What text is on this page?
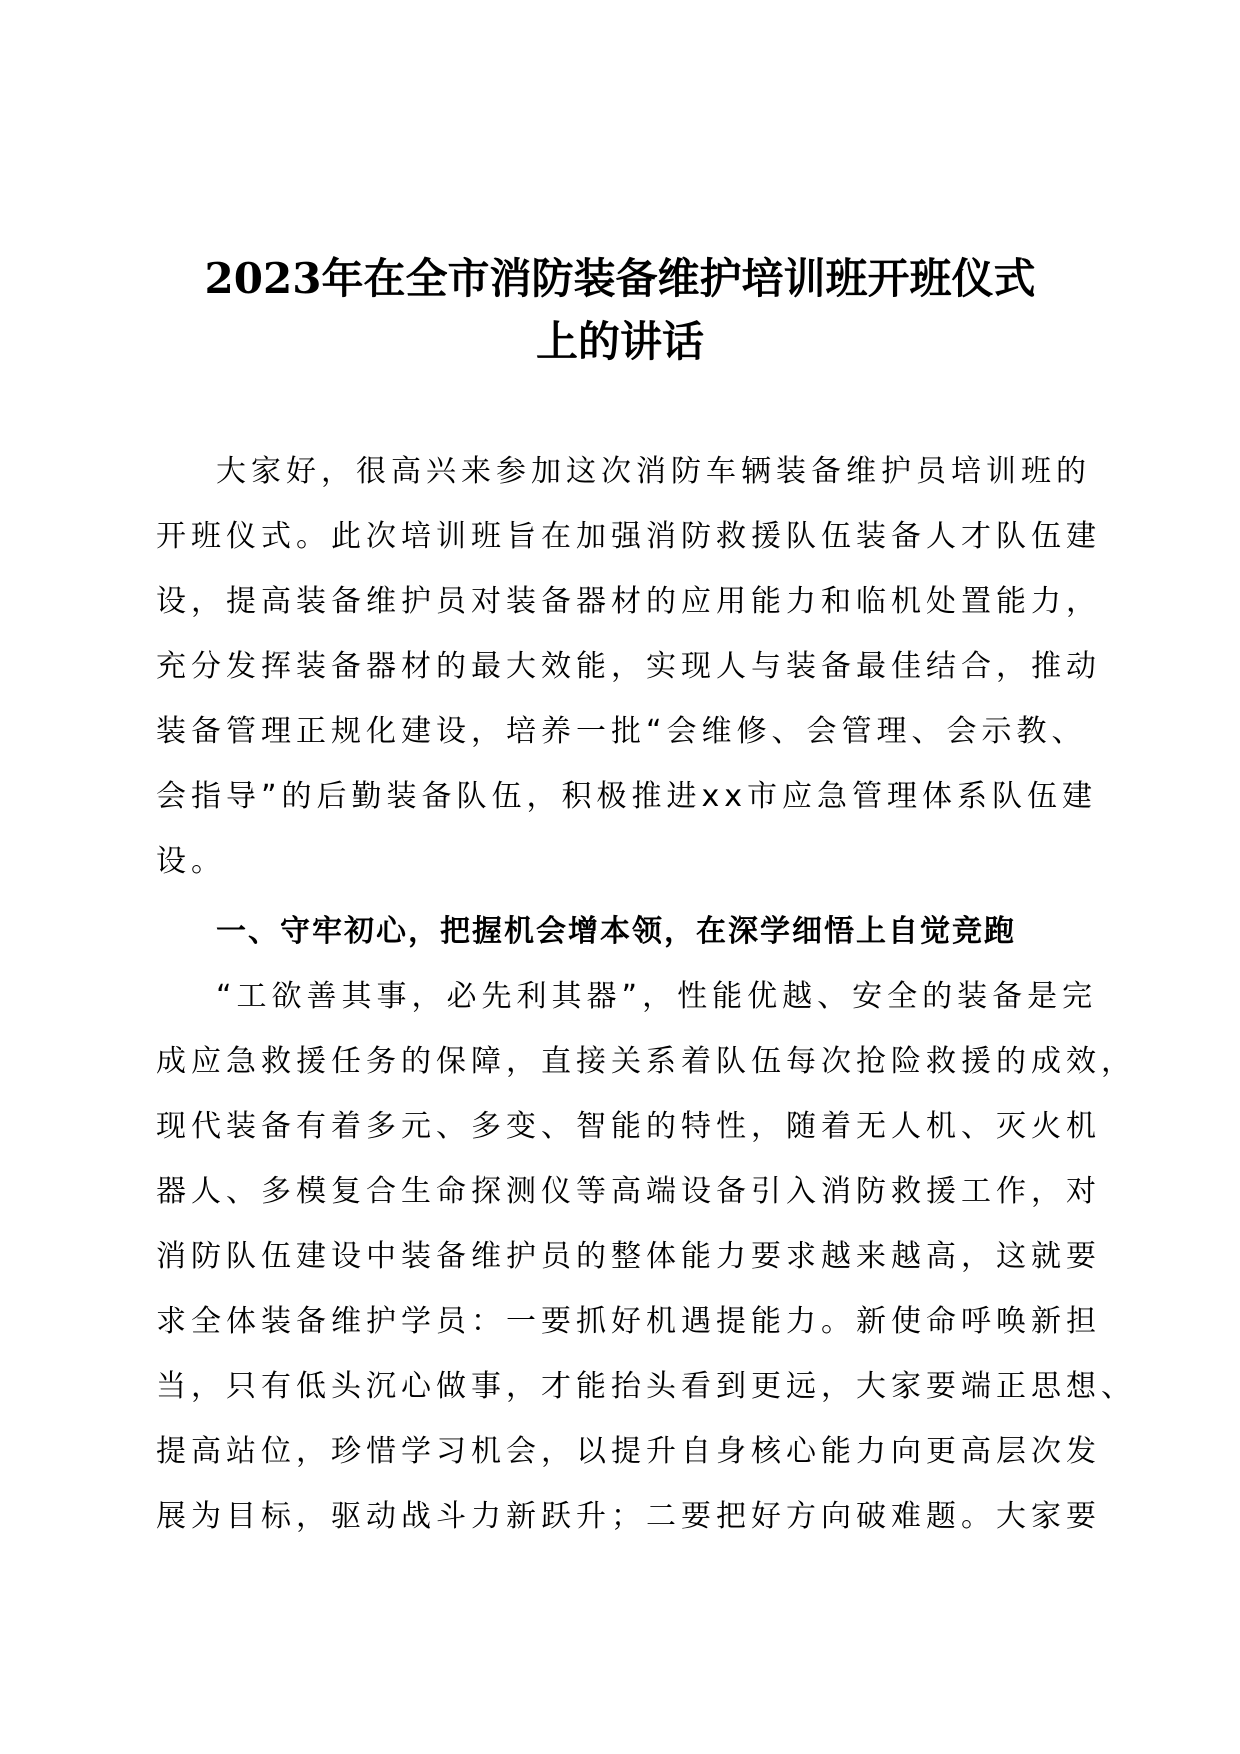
2023年在全市消防装备维护培训班开班仪式
上的讲话
大家好，很高兴来参加这次消防车辆装备维护员培训班的
开班仪式。此次培训班旨在加强消防救援队伍装备人才队伍建
设，提高装备维护员对装备器材的应用能力和临机处置能力，
充分发挥装备器材的最大效能，实现人与装备最佳结合，推动
装备管理正规化建设，培养一批“会维修、会管理、会示教、
会指导”的后勤装备队伍，积极推进xx市应急管理体系队伍建
设。
一、守牢初心，把握机会增本领，在深学细悟上自觉竞跑
“工欲善其事，必先利其器”，性能优越、安全的装备是完
成应急救援任务的保障，直接关系着队伍每次抢险救援的成效，
现代装备有着多元、多变、智能的特性，随着无人机、灭火机
器人、多模复合生命探测仪等高端设备引入消防救援工作，对
消防队伍建设中装备维护员的整体能力要求越来越高，这就要
求全体装备维护学员：一要抓好机遇提能力。新使命呼唤新担
当，只有低头沉心做事，才能抬头看到更远，大家要端正思想、
提高站位，珍惜学习机会，以提升自身核心能力向更高层次发
展为目标，驱动战斗力新跃升；二要把好方向破难题。大家要
